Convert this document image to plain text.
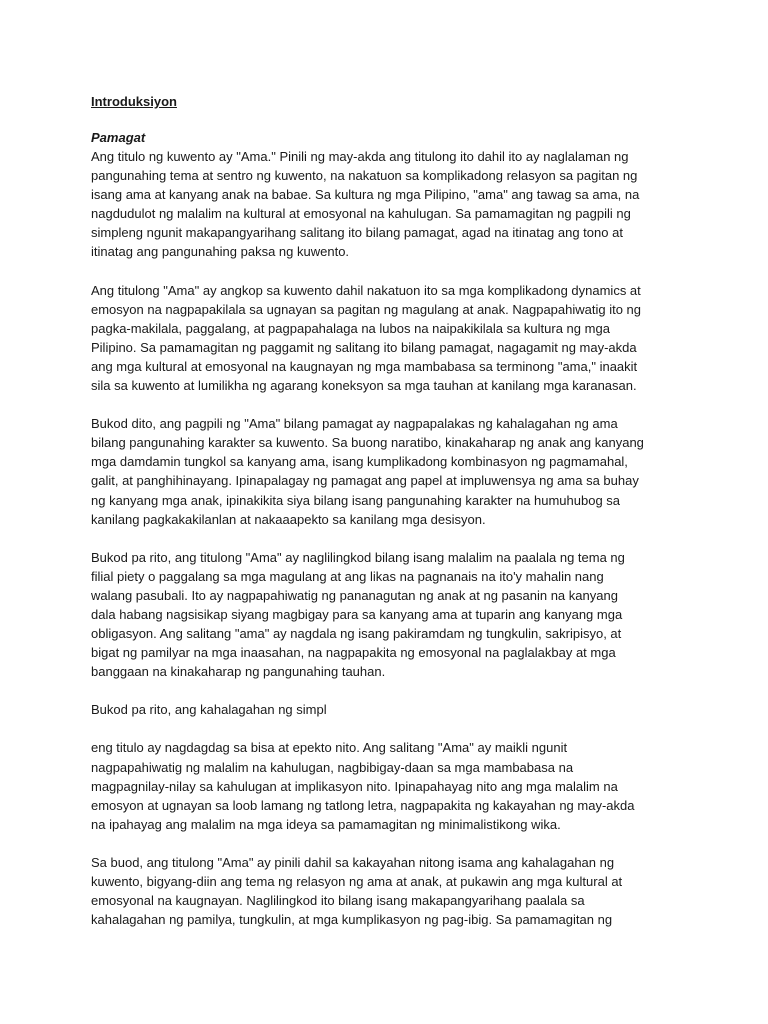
Introduksiyon
Pamagat
Ang titulo ng kuwento ay "Ama." Pinili ng may-akda ang titulong ito dahil ito ay naglalaman ng
pangunahing tema at sentro ng kuwento, na nakatuon sa komplikadong relasyon sa pagitan ng
isang ama at kanyang anak na babae. Sa kultura ng mga Pilipino, "ama" ang tawag sa ama, na
nagdudulot ng malalim na kultural at emosyonal na kahulugan. Sa pamamagitan ng pagpili ng
simpleng ngunit makapangyarihang salitang ito bilang pamagat, agad na itinatag ang tono at
itinatag ang pangunahing paksa ng kuwento.
Ang titulong "Ama" ay angkop sa kuwento dahil nakatuon ito sa mga komplikadong dynamics at
emosyon na nagpapakilala sa ugnayan sa pagitan ng magulang at anak. Nagpapahiwatig ito ng
pagka-makilala, paggalang, at pagpapahalaga na lubos na naipakikilala sa kultura ng mga
Pilipino. Sa pamamagitan ng paggamit ng salitang ito bilang pamagat, nagagamit ng may-akda
ang mga kultural at emosyonal na kaugnayan ng mga mambabasa sa terminong "ama," inaakit
sila sa kuwento at lumilikha ng agarang koneksyon sa mga tauhan at kanilang mga karanasan.
Bukod dito, ang pagpili ng "Ama" bilang pamagat ay nagpapalakas ng kahalagahan ng ama
bilang pangunahing karakter sa kuwento. Sa buong naratibo, kinakaharap ng anak ang kanyang
mga damdamin tungkol sa kanyang ama, isang kumplikadong kombinasyon ng pagmamahal,
galit, at panghihinayang. Ipinapalagay ng pamagat ang papel at impluwensya ng ama sa buhay
ng kanyang mga anak, ipinakikita siya bilang isang pangunahing karakter na humuhubog sa
kanilang pagkakakilanlan at nakaaapekto sa kanilang mga desisyon.
Bukod pa rito, ang titulong "Ama" ay naglilingkod bilang isang malalim na paalala ng tema ng
filial piety o paggalang sa mga magulang at ang likas na pagnanais na ito'y mahalin nang
walang pasubali. Ito ay nagpapahiwatig ng pananagutan ng anak at ng pasanin na kanyang
dala habang nagsisikap siyang magbigay para sa kanyang ama at tuparin ang kanyang mga
obligasyon. Ang salitang "ama" ay nagdala ng isang pakiramdam ng tungkulin, sakripisyo, at
bigat ng pamilyar na mga inaasahan, na nagpapakita ng emosyonal na paglalakbay at mga
banggaan na kinakaharap ng pangunahing tauhan.
Bukod pa rito, ang kahalagahan ng simpl
eng titulo ay nagdagdag sa bisa at epekto nito. Ang salitang "Ama" ay maikli ngunit
nagpapahiwatig ng malalim na kahulugan, nagbibigay-daan sa mga mambabasa na
magpagnilay-nilay sa kahulugan at implikasyon nito. Ipinapahayag nito ang mga malalim na
emosyon at ugnayan sa loob lamang ng tatlong letra, nagpapakita ng kakayahan ng may-akda
na ipahayag ang malalim na mga ideya sa pamamagitan ng minimalistikong wika.
Sa buod, ang titulong "Ama" ay pinili dahil sa kakayahan nitong isama ang kahalagahan ng
kuwento, bigyang-diin ang tema ng relasyon ng ama at anak, at pukawin ang mga kultural at
emosyonal na kaugnayan. Naglilingkod ito bilang isang makapangyarihang paalala sa
kahalagahan ng pamilya, tungkulin, at mga kumplikasyon ng pag-ibig. Sa pamamagitan ng
